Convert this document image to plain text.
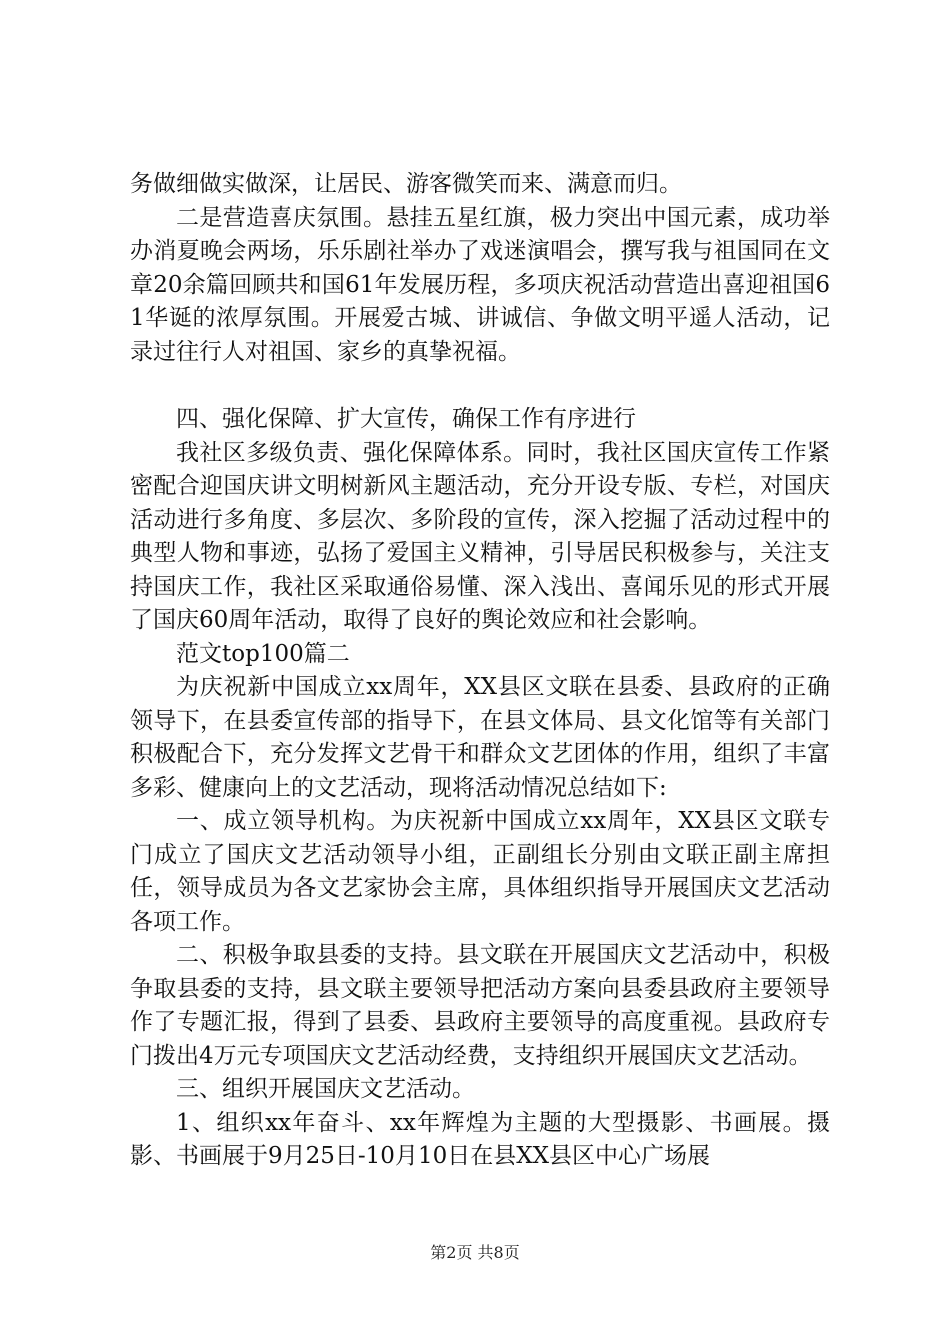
务做细做实做深，让居民、游客微笑而来、满意而归。

二是营造喜庆氛围。悬挂五星红旗，极力突出中国元素，成功举办消夏晚会两场，乐乐剧社举办了戏迷演唱会，撰写我与祖国同在文章20余篇回顾共和国61年发展历程，多项庆祝活动营造出喜迎祖国61华诞的浓厚氛围。开展爱古城、讲诚信、争做文明平遥人活动，记录过往行人对祖国、家乡的真挚祝福。

四、强化保障、扩大宣传，确保工作有序进行

我社区多级负责、强化保障体系。同时，我社区国庆宣传工作紧密配合迎国庆讲文明树新风主题活动，充分开设专版、专栏，对国庆活动进行多角度、多层次、多阶段的宣传，深入挖掘了活动过程中的典型人物和事迹，弘扬了爱国主义精神，引导居民积极参与，关注支持国庆工作，我社区采取通俗易懂、深入浅出、喜闻乐见的形式开展了国庆60周年活动，取得了良好的舆论效应和社会影响。

范文top100篇二

为庆祝新中国成立xx周年，XX县区文联在县委、县政府的正确领导下，在县委宣传部的指导下，在县文体局、县文化馆等有关部门积极配合下，充分发挥文艺骨干和群众文艺团体的作用，组织了丰富多彩、健康向上的文艺活动，现将活动情况总结如下:

一、成立领导机构。为庆祝新中国成立xx周年，XX县区文联专门成立了国庆文艺活动领导小组，正副组长分别由文联正副主席担任，领导成员为各文艺家协会主席，具体组织指导开展国庆文艺活动各项工作。

二、积极争取县委的支持。县文联在开展国庆文艺活动中，积极争取县委的支持，县文联主要领导把活动方案向县委县政府主要领导作了专题汇报，得到了县委、县政府主要领导的高度重视。县政府专门拨出4万元专项国庆文艺活动经费，支持组织开展国庆文艺活动。

三、组织开展国庆文艺活动。

1、组织xx年奋斗、xx年辉煌为主题的大型摄影、书画展。摄影、书画展于9月25日-10月10日在县XX县区中心广场展

第2页 共8页
